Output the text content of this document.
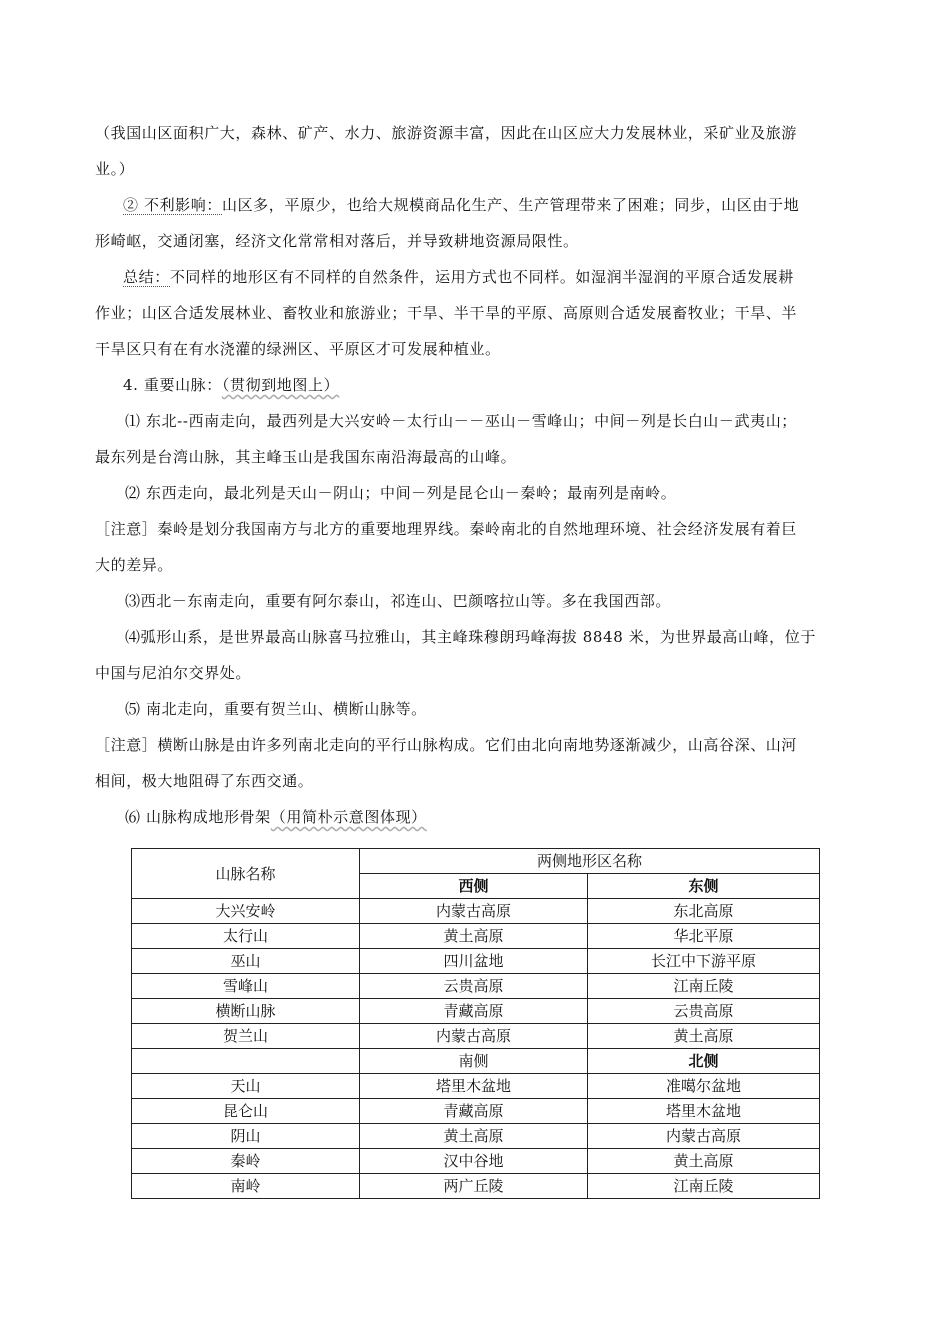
（我国山区面积广大，森林、矿产、水力、旅游资源丰富，因此在山区应大力发展林业，采矿业及旅游
业。）
② 不利影响：山区多，平原少，也给大规模商品化生产、生产管理带来了困难；同步，山区由于地
形崎岖，交通闭塞，经济文化常常相对落后，并导致耕地资源局限性。
总结：不同样的地形区有不同样的自然条件，运用方式也不同样。如湿润半湿润的平原合适发展耕
作业；山区合适发展林业、畜牧业和旅游业；干旱、半干旱的平原、高原则合适发展畜牧业；干旱、半
干旱区只有在有水浇灌的绿洲区、平原区才可发展种植业。
4. 重要山脉：（贯彻到地图上）
⑴ 东北--西南走向，最西列是大兴安岭－太行山－－巫山－雪峰山；中间－列是长白山－武夷山；
最东列是台湾山脉，其主峰玉山是我国东南沿海最高的山峰。
⑵ 东西走向，最北列是天山－阴山；中间－列是昆仑山－秦岭；最南列是南岭。
［注意］秦岭是划分我国南方与北方的重要地理界线。秦岭南北的自然地理环境、社会经济发展有着巨
大的差异。
⑶西北－东南走向，重要有阿尔泰山，祁连山、巴颜喀拉山等。多在我国西部。
⑷弧形山系，是世界最高山脉喜马拉雅山，其主峰珠穆朗玛峰海拔 8848 米，为世界最高山峰，位于
中国与尼泊尔交界处。
⑸ 南北走向，重要有贺兰山、横断山脉等。
［注意］横断山脉是由许多列南北走向的平行山脉构成。它们由北向南地势逐渐减少，山高谷深、山河
相间，极大地阻碍了东西交通。
⑹ 山脉构成地形骨架（用简朴示意图体现）
山脉名称	两侧地形区名称	
	西侧	东侧
大兴安岭	内蒙古高原	东北高原
太行山	黄土高原	华北平原
巫山	四川盆地	长江中下游平原
雪峰山	云贵高原	江南丘陵
横断山脉	青藏高原	云贵高原
贺兰山	内蒙古高原	黄土高原
	南侧	北侧
天山	塔里木盆地	准噶尔盆地
昆仑山	青藏高原	塔里木盆地
阴山	黄土高原	内蒙古高原
秦岭	汉中谷地	黄土高原
南岭	两广丘陵	江南丘陵
